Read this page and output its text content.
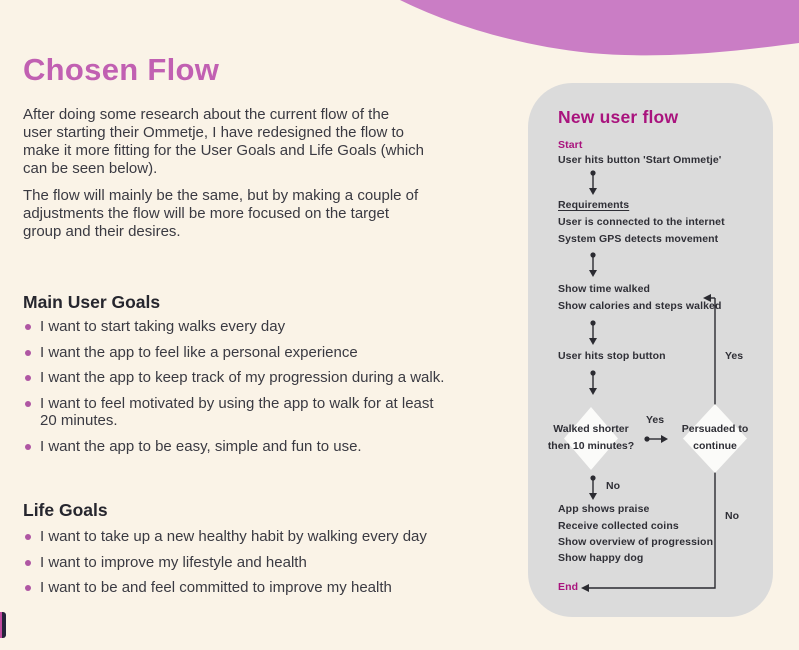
Chosen Flow
After doing some research about the current flow of the
user starting their Ommetje, I have redesigned the flow to
make it more fitting for the User Goals and Life Goals (which
can be seen below).
The flow will mainly be the same, but by making a couple of
adjustments the flow will be more focused on the target
group and their desires.
Main User Goals
I want to start taking walks every day
I want the app to feel like a personal experience
I want the app to keep track of my progression during a walk.
I want to feel motivated by using the app to walk for at least
20 minutes.
I want the app to be easy, simple and fun to use.
Life Goals
I want to take up a new healthy habit by walking every day
I want to improve my lifestyle and health
I want to be and feel committed to improve my health
New user flow
Start
User hits button 'Start Ommetje'
Requirements
User is connected to the internet
System GPS detects movement
Show time walked
Show calories and steps walked
User hits stop button
Walked shorter
then 10 minutes?
Persuaded to
continue
Yes
No
Yes
No
App shows praise
Receive collected coins
Show overview of progression
Show happy dog
End
